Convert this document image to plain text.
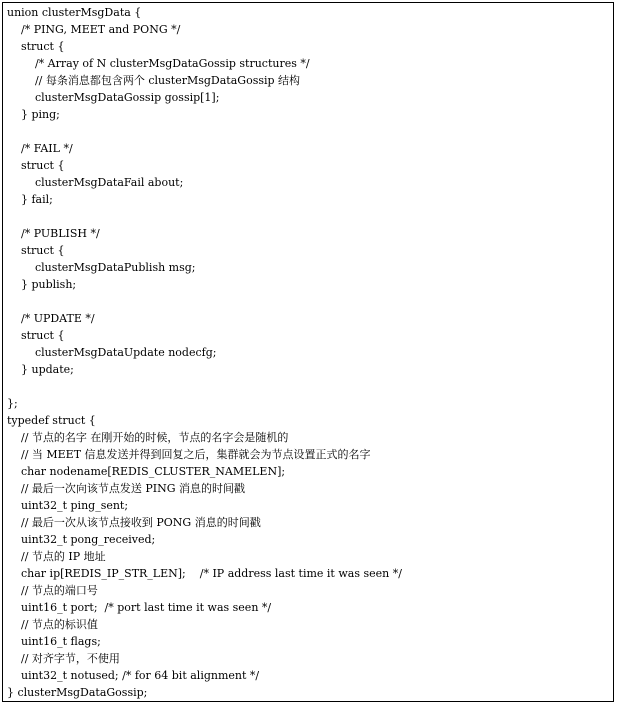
union clusterMsgData {
/* PING, MEET and PONG */
struct {
/* Array of N clusterMsgDataGossip structures */
// 每条消息都包含两个 clusterMsgDataGossip 结构
clusterMsgDataGossip gossip[1];
} ping;
/* FAIL */
struct {
clusterMsgDataFail about;
} fail;
/* PUBLISH */
struct {
clusterMsgDataPublish msg;
} publish;
/* UPDATE */
struct {
clusterMsgDataUpdate nodecfg;
} update;
};
typedef struct {
// 节点的名字 在刚开始的时候，节点的名字会是随机的
// 当 MEET 信息发送并得到回复之后，集群就会为节点设置正式的名字
char nodename[REDIS_CLUSTER_NAMELEN];
// 最后一次向该节点发送 PING 消息的时间戳
uint32_t ping_sent;
// 最后一次从该节点接收到 PONG 消息的时间戳
uint32_t pong_received;
// 节点的 IP 地址
char ip[REDIS_IP_STR_LEN];    /* IP address last time it was seen */
// 节点的端口号
uint16_t port;  /* port last time it was seen */
// 节点的标识值
uint16_t flags;
// 对齐字节，不使用
uint32_t notused; /* for 64 bit alignment */
} clusterMsgDataGossip;
